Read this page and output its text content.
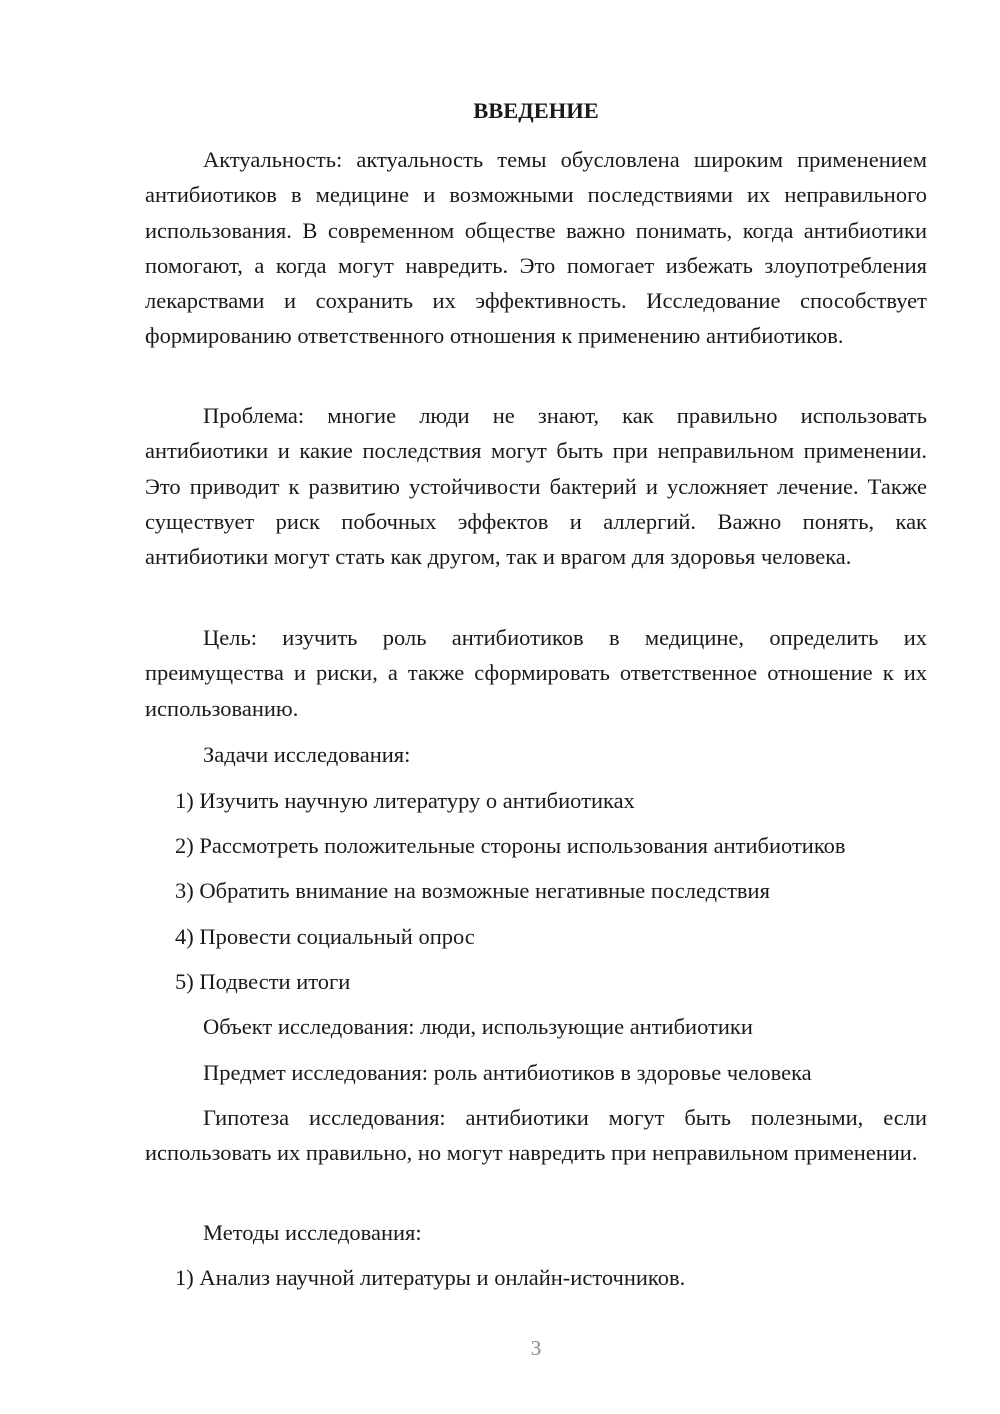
ВВЕДЕНИЕ

Актуальность: актуальность темы обусловлена широким применением антибиотиков в медицине и возможными последствиями их неправильного использования. В современном обществе важно понимать, когда антибиотики помогают, а когда могут навредить. Это помогает избежать злоупотребления лекарствами и сохранить их эффективность. Исследование способствует формированию ответственного отношения к применению антибиотиков.

Проблема: многие люди не знают, как правильно использовать антибиотики и какие последствия могут быть при неправильном применении. Это приводит к развитию устойчивости бактерий и усложняет лечение. Также существует риск побочных эффектов и аллергий. Важно понять, как антибиотики могут стать как другом, так и врагом для здоровья человека.

Цель: изучить роль антибиотиков в медицине, определить их преимущества и риски, а также сформировать ответственное отношение к их использованию.

Задачи исследования:

1) Изучить научную литературу о антибиотиках

2) Рассмотреть положительные стороны использования антибиотиков

3) Обратить внимание на возможные негативные последствия

4) Провести социальный опрос

5) Подвести итоги

Объект исследования: люди, использующие антибиотики

Предмет исследования: роль антибиотиков в здоровье человека

Гипотеза исследования: антибиотики могут быть полезными, если использовать их правильно, но могут навредить при неправильном применении.

Методы исследования:

1) Анализ научной литературы и онлайн-источников.

3
